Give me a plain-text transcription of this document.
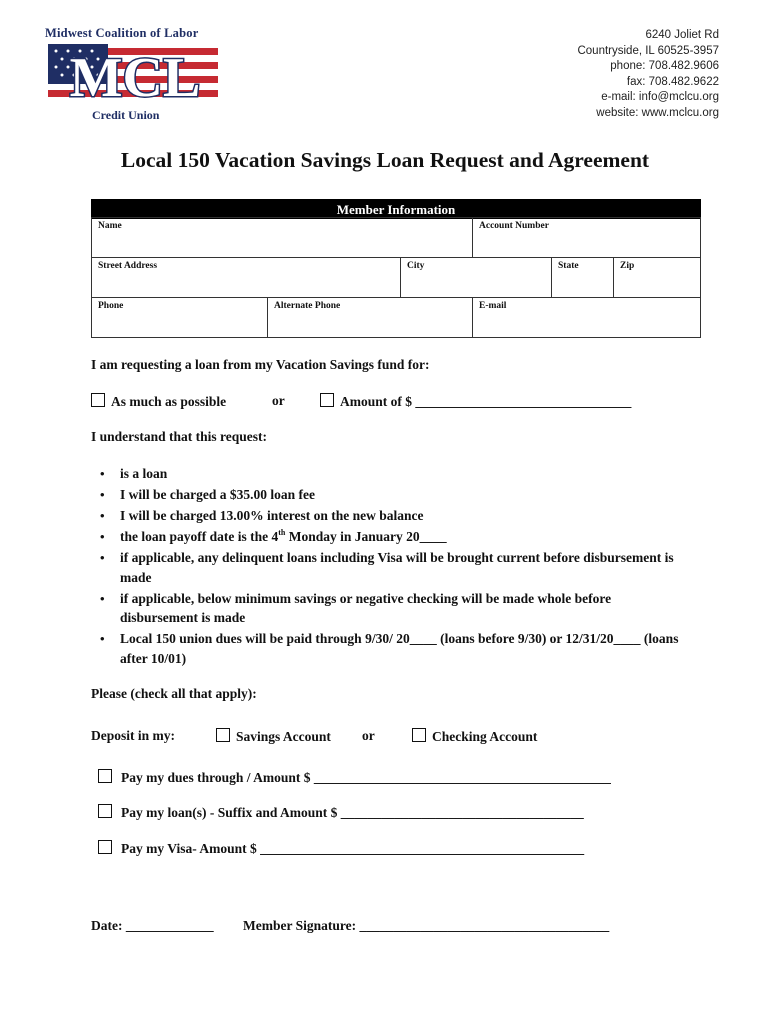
Midwest Coalition of Labor
MCL
Credit Union
6240 Joliet Rd
Countryside, IL 60525-3957
phone: 708.482.9606
fax: 708.482.9622
e-mail: info@mclcu.org
website: www.mclcu.org
Local 150 Vacation Savings Loan Request and Agreement
Member Information
Name	Account Number
Street Address	City	State	Zip
Phone	Alternate Phone	E-mail
I am requesting a loan from my Vacation Savings fund for:
As much as possible	or	Amount of $ ________________________________
I understand that this request:
• is a loan
• I will be charged a $35.00 loan fee
• I will be charged 13.00% interest on the new balance
• the loan payoff date is the 4th Monday in January 20____
• if applicable, any delinquent loans including Visa will be brought current before disbursement is made
• if applicable, below minimum savings or negative checking will be made whole before disbursement is made
• Local 150 union dues will be paid through 9/30/ 20____ (loans before 9/30) or 12/31/20____ (loans after 10/01)
Please (check all that apply):
Deposit in my:	Savings Account or	Checking Account
Pay my dues through / Amount $ ____________________________________________
Pay my loan(s) - Suffix and Amount $ ____________________________________
Pay my Visa- Amount $ ________________________________________________
Date: _____________ Member Signature: _____________________________________
